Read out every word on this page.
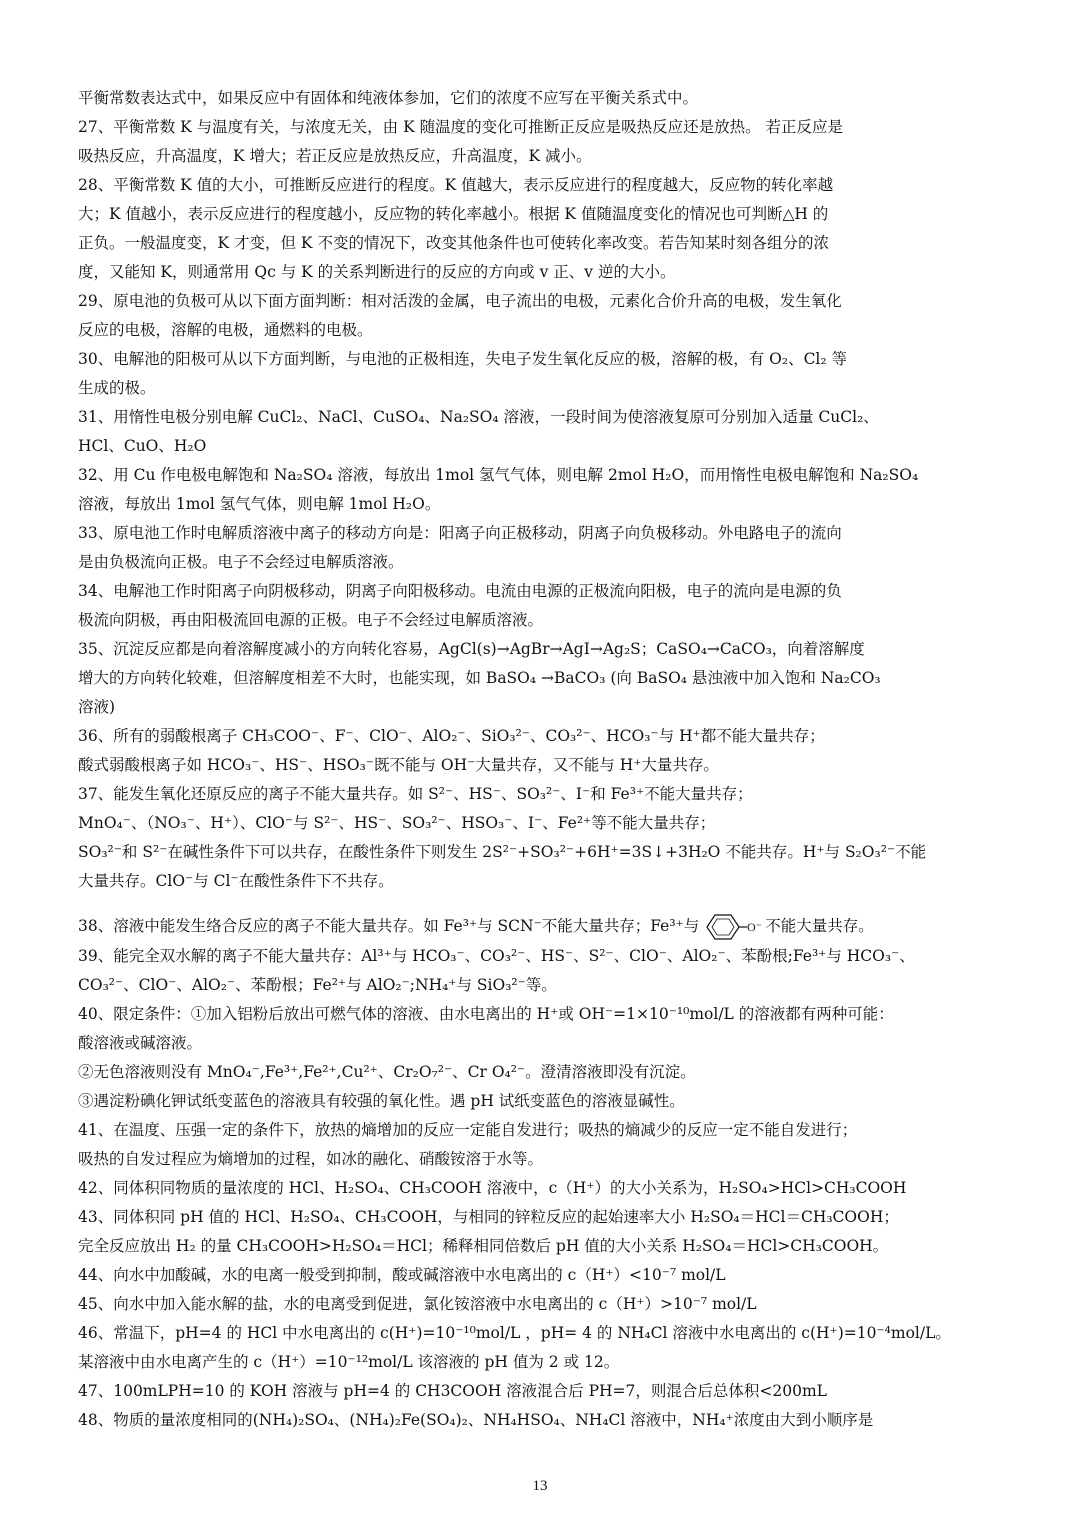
平衡常数表达式中，如果反应中有固体和纯液体参加，它们的浓度不应写在平衡关系式中。
27、平衡常数 K 与温度有关，与浓度无关，由 K 随温度的变化可推断正反应是吸热反应还是放热。 若正反应是
吸热反应，升高温度，K 增大；若正反应是放热反应，升高温度，K 减小。
28、平衡常数 K 值的大小，可推断反应进行的程度。K 值越大，表示反应进行的程度越大，反应物的转化率越
大；K 值越小，表示反应进行的程度越小，反应物的转化率越小。根据 K 值随温度变化的情况也可判断△H 的
正负。一般温度变，K 才变，但 K 不变的情况下，改变其他条件也可使转化率改变。若告知某时刻各组分的浓
度，又能知 K，则通常用 Qc 与 K 的关系判断进行的反应的方向或 v 正、v 逆的大小。
29、原电池的负极可从以下面方面判断：相对活泼的金属，电子流出的电极，元素化合价升高的电极，发生氧化
反应的电极，溶解的电极，通燃料的电极。
30、电解池的阳极可从以下方面判断，与电池的正极相连，失电子发生氧化反应的极，溶解的极，有 O₂、Cl₂ 等
生成的极。
31、用惰性电极分别电解 CuCl₂、NaCl、CuSO₄、Na₂SO₄ 溶液，一段时间为使溶液复原可分别加入适量 CuCl₂、
HCl、CuO、H₂O
32、用 Cu 作电极电解饱和 Na₂SO₄ 溶液，每放出 1mol 氢气气体，则电解 2mol H₂O，而用惰性电极电解饱和 Na₂SO₄
溶液，每放出 1mol 氢气气体，则电解 1mol H₂O。
33、原电池工作时电解质溶液中离子的移动方向是：阳离子向正极移动，阴离子向负极移动。外电路电子的流向
是由负极流向正极。电子不会经过电解质溶液。
34、电解池工作时阳离子向阴极移动，阴离子向阳极移动。电流由电源的正极流向阳极，电子的流向是电源的负
极流向阴极，再由阳极流回电源的正极。电子不会经过电解质溶液。
35、沉淀反应都是向着溶解度减小的方向转化容易，AgCl(s)→AgBr→AgI→Ag₂S；CaSO₄→CaCO₃，向着溶解度
增大的方向转化较难，但溶解度相差不大时，也能实现，如 BaSO₄ →BaCO₃ (向 BaSO₄ 悬浊液中加入饱和 Na₂CO₃
溶液)
36、所有的弱酸根离子 CH₃COO⁻、F⁻、ClO⁻、AlO₂⁻、SiO₃²⁻、CO₃²⁻、HCO₃⁻与 H⁺都不能大量共存；
酸式弱酸根离子如 HCO₃⁻、HS⁻、HSO₃⁻既不能与 OH⁻大量共存，又不能与 H⁺大量共存。
37、能发生氧化还原反应的离子不能大量共存。如 S²⁻、HS⁻、SO₃²⁻、I⁻和 Fe³⁺不能大量共存；
MnO₄⁻、（NO₃⁻、H⁺）、ClO⁻与 S²⁻、HS⁻、SO₃²⁻、HSO₃⁻、I⁻、Fe²⁺等不能大量共存；
SO₃²⁻和 S²⁻在碱性条件下可以共存，在酸性条件下则发生 2S²⁻+SO₃²⁻+6H⁺=3S↓+3H₂O 不能共存。H⁺与 S₂O₃²⁻不能
大量共存。ClO⁻与 Cl⁻在酸性条件下不共存。
38、溶液中能发生络合反应的离子不能大量共存。如 Fe³⁺与 SCN⁻不能大量共存；Fe³⁺与	O⁻ 不能大量共存。
39、能完全双水解的离子不能大量共存：Al³⁺与 HCO₃⁻、CO₃²⁻、HS⁻、S²⁻、ClO⁻、AlO₂⁻、苯酚根;Fe³⁺与 HCO₃⁻、
CO₃²⁻、ClO⁻、AlO₂⁻、苯酚根；Fe²⁺与 AlO₂⁻;NH₄⁺与 SiO₃²⁻等。
40、限定条件：①加入铝粉后放出可燃气体的溶液、由水电离出的 H⁺或 OH⁻=1×10⁻¹⁰mol/L 的溶液都有两种可能：
酸溶液或碱溶液。
②无色溶液则没有 MnO₄⁻,Fe³⁺,Fe²⁺,Cu²⁺、Cr₂O₇²⁻、Cr O₄²⁻。澄清溶液即没有沉淀。
③遇淀粉碘化钾试纸变蓝色的溶液具有较强的氧化性。遇 pH 试纸变蓝色的溶液显碱性。
41、在温度、压强一定的条件下，放热的熵增加的反应一定能自发进行；吸热的熵减少的反应一定不能自发进行；
吸热的自发过程应为熵增加的过程，如冰的融化、硝酸铵溶于水等。
42、同体积同物质的量浓度的 HCl、H₂SO₄、CH₃COOH 溶液中，c（H⁺）的大小关系为，H₂SO₄>HCl>CH₃COOH
43、同体积同 pH 值的 HCl、H₂SO₄、CH₃COOH，与相同的锌粒反应的起始速率大小 H₂SO₄＝HCl＝CH₃COOH；
完全反应放出 H₂ 的量 CH₃COOH>H₂SO₄＝HCl；稀释相同倍数后 pH 值的大小关系 H₂SO₄＝HCl>CH₃COOH。
44、向水中加酸碱，水的电离一般受到抑制，酸或碱溶液中水电离出的 c（H⁺）<10⁻⁷ mol/L
45、向水中加入能水解的盐，水的电离受到促进，氯化铵溶液中水电离出的 c（H⁺）>10⁻⁷ mol/L
46、常温下，pH=4 的 HCl 中水电离出的 c(H⁺)=10⁻¹⁰mol/L ，pH= 4 的 NH₄Cl 溶液中水电离出的 c(H⁺)=10⁻⁴mol/L。
某溶液中由水电离产生的 c（H⁺）=10⁻¹²mol/L 该溶液的 pH 值为 2 或 12。
47、100mLPH=10 的 KOH 溶液与 pH=4 的 CH3COOH 溶液混合后 PH=7，则混合后总体积<200mL
48、物质的量浓度相同的(NH₄)₂SO₄、(NH₄)₂Fe(SO₄)₂、NH₄HSO₄、NH₄Cl 溶液中，NH₄⁺浓度由大到小顺序是
13
